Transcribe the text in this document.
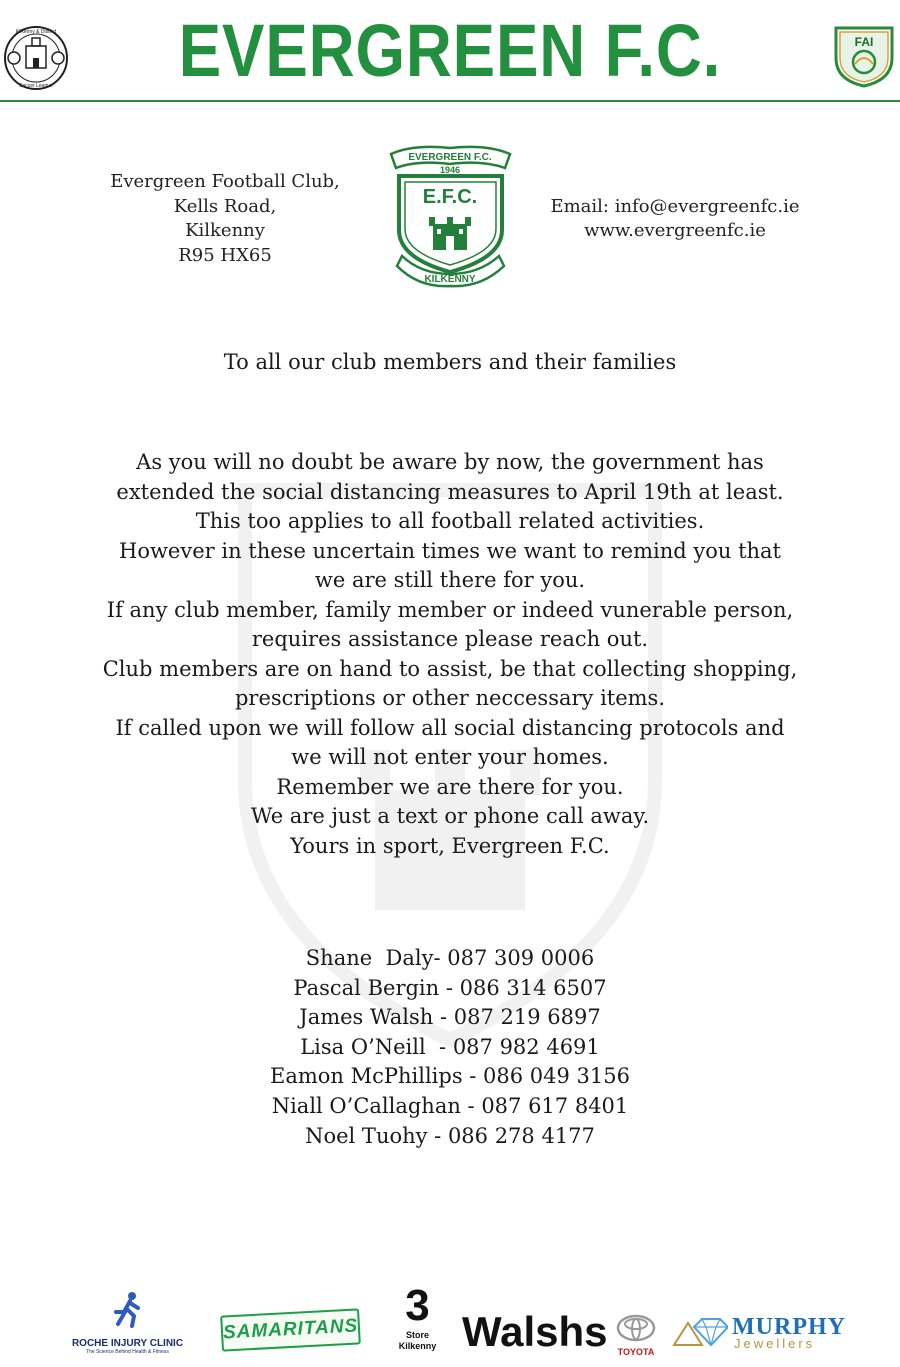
Kilkenny & District
Soccer League	EVERGREEN F.C.	FAI
Evergreen Football Club,
Kells Road,
Kilkenny
R95 HX65
EVERGREEN F.C.
1946
E.F.C.
KILKENNY
Email: info@evergreenfc.ie
www.evergreenfc.ie
To all our club members and their families
As you will no doubt be aware by now, the government has
extended the social distancing measures to April 19th at least.
This too applies to all football related activities.
However in these uncertain times we want to remind you that
we are still there for you.
If any club member, family member or indeed vunerable person,
requires assistance please reach out.
Club members are on hand to assist, be that collecting shopping,
prescriptions or other neccessary items.
If called upon we will follow all social distancing protocols and
we will not enter your homes.
Remember we are there for you.
We are just a text or phone call away.
Yours in sport, Evergreen F.C.
Shane  Daly- 087 309 0006
Pascal Bergin - 086 314 6507
James Walsh - 087 219 6897
Lisa O’Neill  - 087 982 4691
Eamon McPhillips - 086 049 3156
Niall O’Callaghan - 087 617 8401
Noel Tuohy - 086 278 4177
ROCHE INJURY CLINIC
The Science Behind Health & Fitness
SAMARITANS	3
Store
Kilkenny Walshs	TOYOTA
MURPHY
Jewellers
